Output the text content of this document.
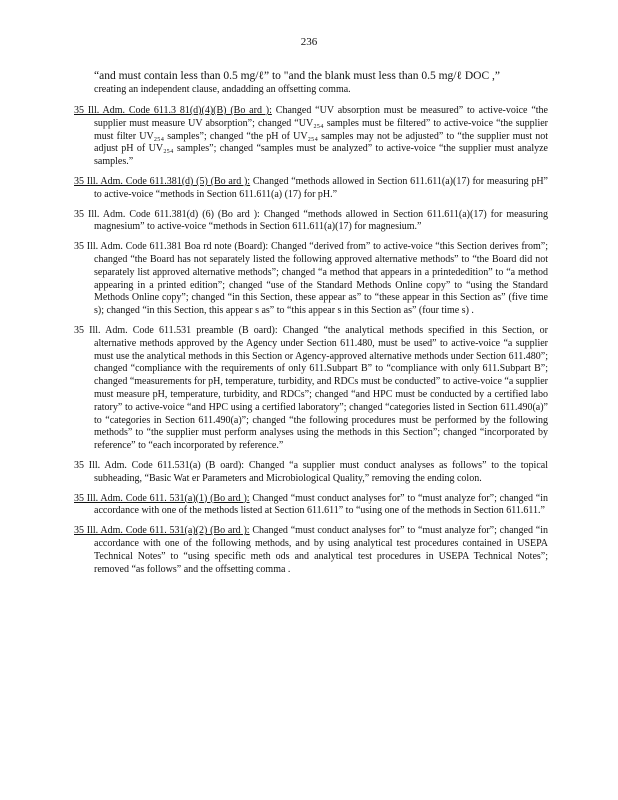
236

“and must contain less than 0.5 mg/ℓ” to "and the blank must less than 0.5 mg/ℓ DOC ,”
creating an independent clause, andadding an offsetting comma.

35 Ill. Adm. Code 611.3 81(d)(4)(B) (Bo ard ): Changed “UV absorption must be measured” to active-voice “the supplier must measure UV absorption”; changed “UV₂₅₄ samples must be filtered” to active-voice “the supplier must filter UV₂₅₄ samples”; changed “the pH of UV₂₅₄ samples may not be adjusted” to “the supplier must not adjust pH of UV₂₅₄ samples”; changed “samples must be analyzed” to active-voice “the supplier must analyze samples.”

35 Ill. Adm. Code 611.381(d) (5) (Bo ard ): Changed “methods allowed in Section 611.611(a)(17) for measuring pH” to active-voice “methods in Section 611.611(a) (17) for pH.”

35 Ill. Adm. Code 611.381(d) (6) (Bo ard ): Changed “methods allowed in Section 611.611(a)(17) for measuring magnesium” to active-voice “methods in Section 611.611(a)(17) for magnesium.”

35 Ill. Adm. Code 611.381 Boa rd note (Board): Changed “derived from” to active-voice “this Section derives from”; changed “the Board has not separately listed the following approved alternative methods” to “the Board did not separately list approved alternative methods”; changed “a method that appears in a printededition” to “a method appearing in a printed edition”; changed “use of the Standard Methods Online copy” to “using the Standard Methods Online copy”; changed “in this Section, these appear as” to “these appear in this Section as” (five time s); changed “in this Section, this appear s as” to “this appear s in this Section as” (four time s) .

35 Ill. Adm. Code 611.531 preamble (B oard): Changed “the analytical methods specified in this Section, or alternative methods approved by the Agency under Section 611.480, must be used” to active-voice “a supplier must use the analytical methods in this Section or Agency-approved alternative methods under Section 611.480”; changed “compliance with the requirements of only 611.Subpart B” to “compliance with only 611.Subpart B”; changed “measurements for pH, temperature, turbidity, and RDCs must be conducted” to active-voice “a supplier must measure pH, temperature, turbidity, and RDCs”; changed “and HPC must be conducted by a certified labo ratory” to active-voice “and HPC using a certified laboratory”; changed “categories listed in Section 611.490(a)” to “categories in Section 611.490(a)”; changed “the following procedures must be performed by the following methods” to “the supplier must perform analyses using the methods in this Section”; changed “incorporated by reference” to “each incorporated by reference.”

35 Ill. Adm. Code 611.531(a) (B oard): Changed “a supplier must conduct analyses as follows” to the topical subheading, “Basic Wat er Parameters and Microbiological Quality,” removing the ending colon.

35 Ill. Adm. Code 611. 531(a)(1) (Bo ard ): Changed “must conduct analyses for” to “must analyze for”; changed “in accordance with one of the methods listed at Section 611.611” to “using one of the methods in Section 611.611.”

35 Ill. Adm. Code 611. 531(a)(2) (Bo ard ): Changed “must conduct analyses for” to “must analyze for”; changed “in accordance with one of the following methods, and by using analytical test procedures contained in USEPA Technical Notes” to “using specific meth ods and analytical test procedures in USEPA Technical Notes”; removed “as follows” and the offsetting comma .
